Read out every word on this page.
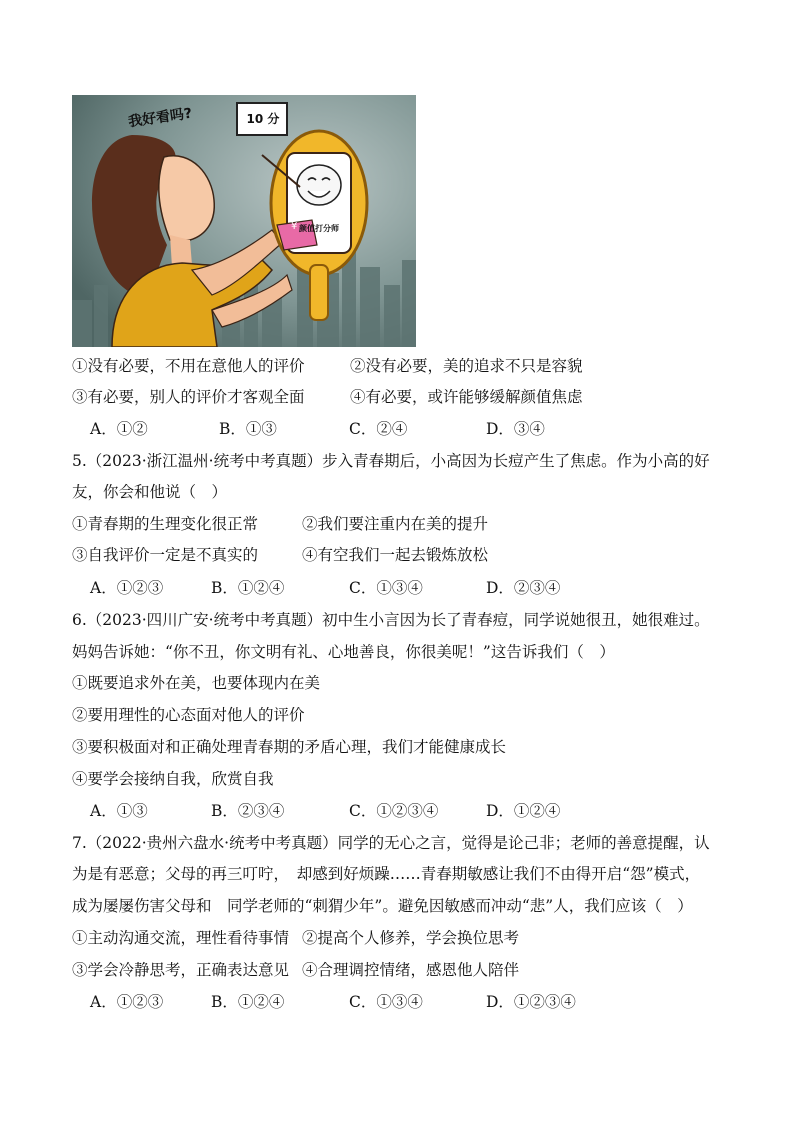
我好看吗?	10 分
颜值打分师
¥
①没有必要，不用在意他人的评价	②没有必要，美的追求不只是容貌
③有必要，别人的评价才客观全面	④有必要，或许能够缓解颜值焦虑
A．①②	B．①③	C．②④	D．③④
5.（2023·浙江温州·统考中考真题）步入青春期后，小高因为长痘产生了焦虑。作为小高的好
友，你会和他说（　）
①青春期的生理变化很正常	②我们要注重内在美的提升
③自我评价一定是不真实的	④有空我们一起去锻炼放松
A．①②③	B．①②④	C．①③④	D．②③④
6.（2023·四川广安·统考中考真题）初中生小言因为长了青春痘，同学说她很丑，她很难过。
妈妈告诉她：“你不丑，你文明有礼、心地善良，你很美呢！”这告诉我们（　）
①既要追求外在美，也要体现内在美
②要用理性的心态面对他人的评价
③要积极面对和正确处理青春期的矛盾心理，我们才能健康成长
④要学会接纳自我，欣赏自我
A．①③	B．②③④	C．①②③④	D．①②④
7.（2022·贵州六盘水·统考中考真题）同学的无心之言，觉得是论己非；老师的善意提醒，认
为是有恶意；父母的再三叮咛，　却感到好烦躁……青春期敏感让我们不由得开启“怨”模式，
成为屡屡伤害父母和　同学老师的“刺猬少年”。避免因敏感而冲动“悲”人，我们应该（　）
①主动沟通交流，理性看待事情 ②提高个人修养，学会换位思考
③学会冷静思考，正确表达意见 ④合理调控情绪，感恩他人陪伴
A．①②③	B．①②④	C．①③④	D．①②③④
